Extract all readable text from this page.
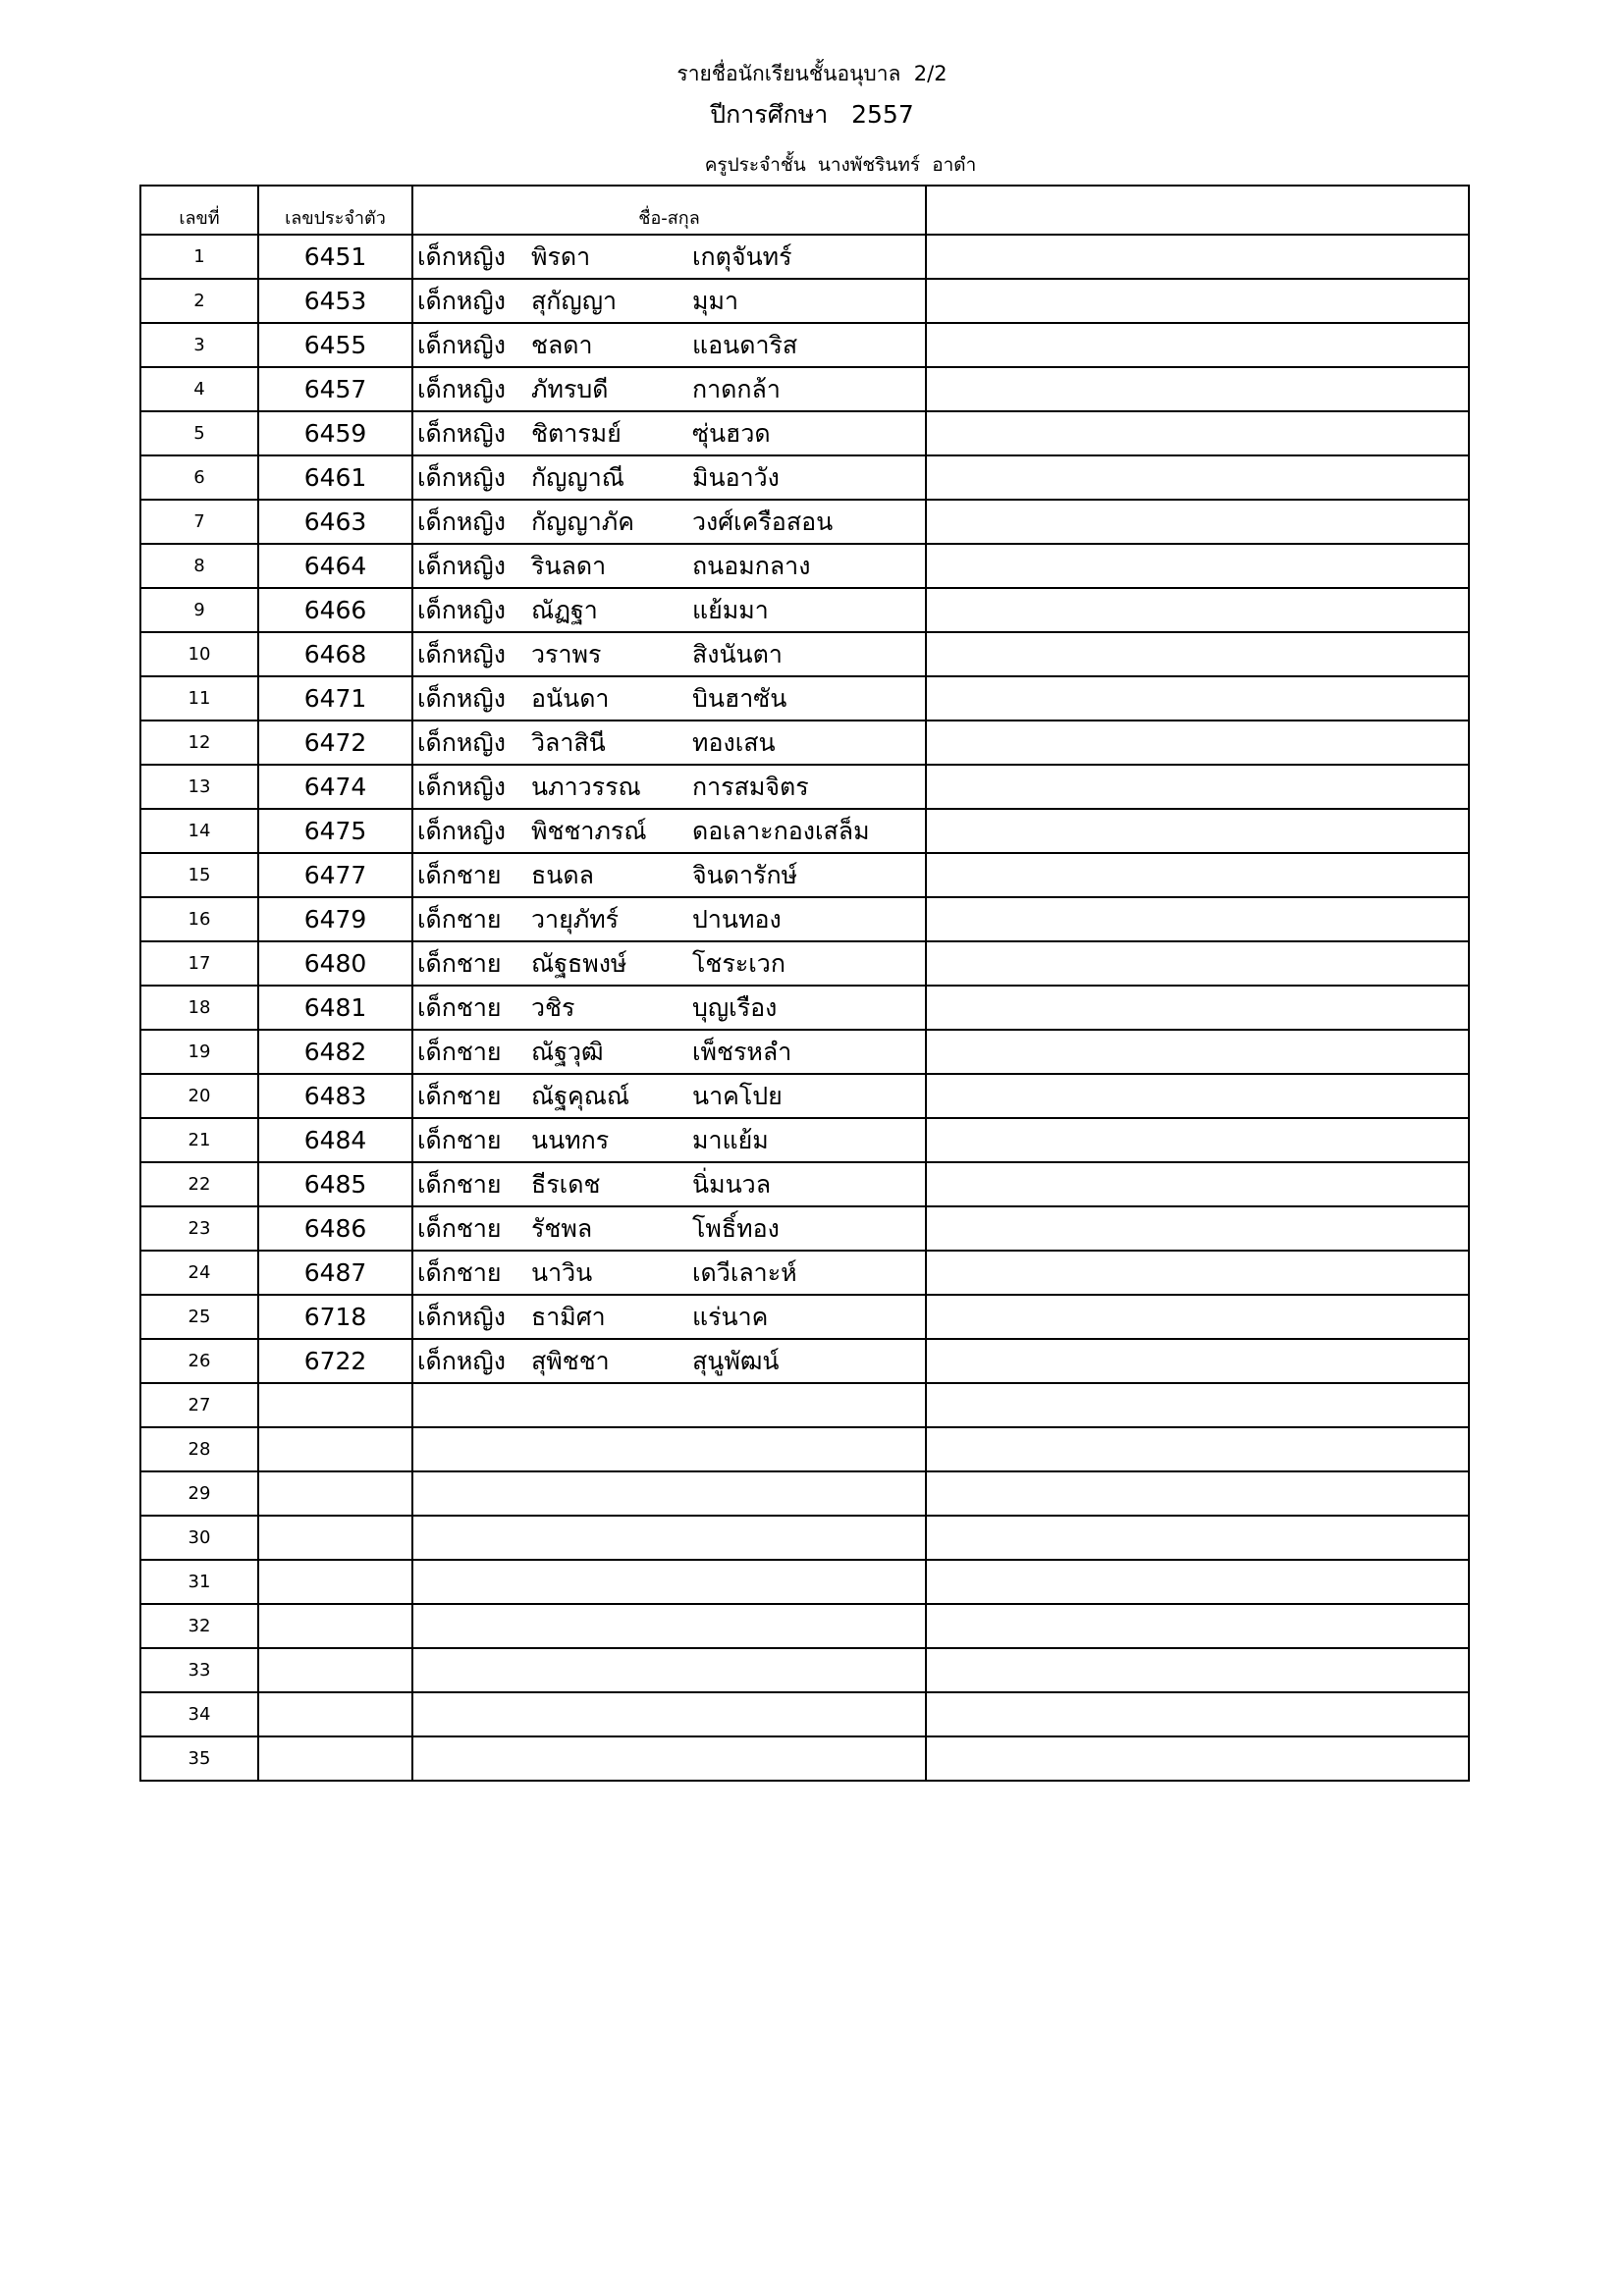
รายชื่อนักเรียนชั้นอนุบาล  2/2
ปีการศึกษา   2557
ครูประจำชั้น  นางพัชรินทร์  อาดำ
เลขที่	เลขประจำตัว	ชื่อ-สกุล	
1	6451	เด็กหญิง พิรดา เกตุจันทร์	
2	6453	เด็กหญิง สุกัญญา มุมา	
3	6455	เด็กหญิง ชลดา แอนดาริส	
4	6457	เด็กหญิง ภัทรบดี กาดกล้า	
5	6459	เด็กหญิง ชิตารมย์ ซุ่นฮวด	
6	6461	เด็กหญิง กัญญาณี มินอาวัง	
7	6463	เด็กหญิง กัญญาภัค วงศ์เครือสอน	
8	6464	เด็กหญิง รินลดา ถนอมกลาง	
9	6466	เด็กหญิง ณัฏฐา แย้มมา	
10	6468	เด็กหญิง วราพร สิงนันตา	
11	6471	เด็กหญิง อนันดา บินฮาซัน	
12	6472	เด็กหญิง วิลาสินี ทองเสน	
13	6474	เด็กหญิง นภาวรรณ การสมจิตร	
14	6475	เด็กหญิง พิชชาภรณ์ ดอเลาะกองเสล็ม	
15	6477	เด็กชาย ธนดล จินดารักษ์	
16	6479	เด็กชาย วายุภัทร์ ปานทอง	
17	6480	เด็กชาย ณัฐธพงษ์ โชระเวก	
18	6481	เด็กชาย วชิร บุญเรือง	
19	6482	เด็กชาย ณัฐวุฒิ เพ็ชรหลำ	
20	6483	เด็กชาย ณัฐคุณณ์ นาคโปย	
21	6484	เด็กชาย นนทกร มาแย้ม	
22	6485	เด็กชาย ธีรเดช นิ่มนวล	
23	6486	เด็กชาย รัชพล โพธิ์ทอง	
24	6487	เด็กชาย นาวิน เดวีเลาะห์	
25	6718	เด็กหญิง ธามิศา แร่นาค	
26	6722	เด็กหญิง สุพิชชา สุนูพัฒน์	
27			
28			
29			
30			
31			
32			
33			
34			
35			
